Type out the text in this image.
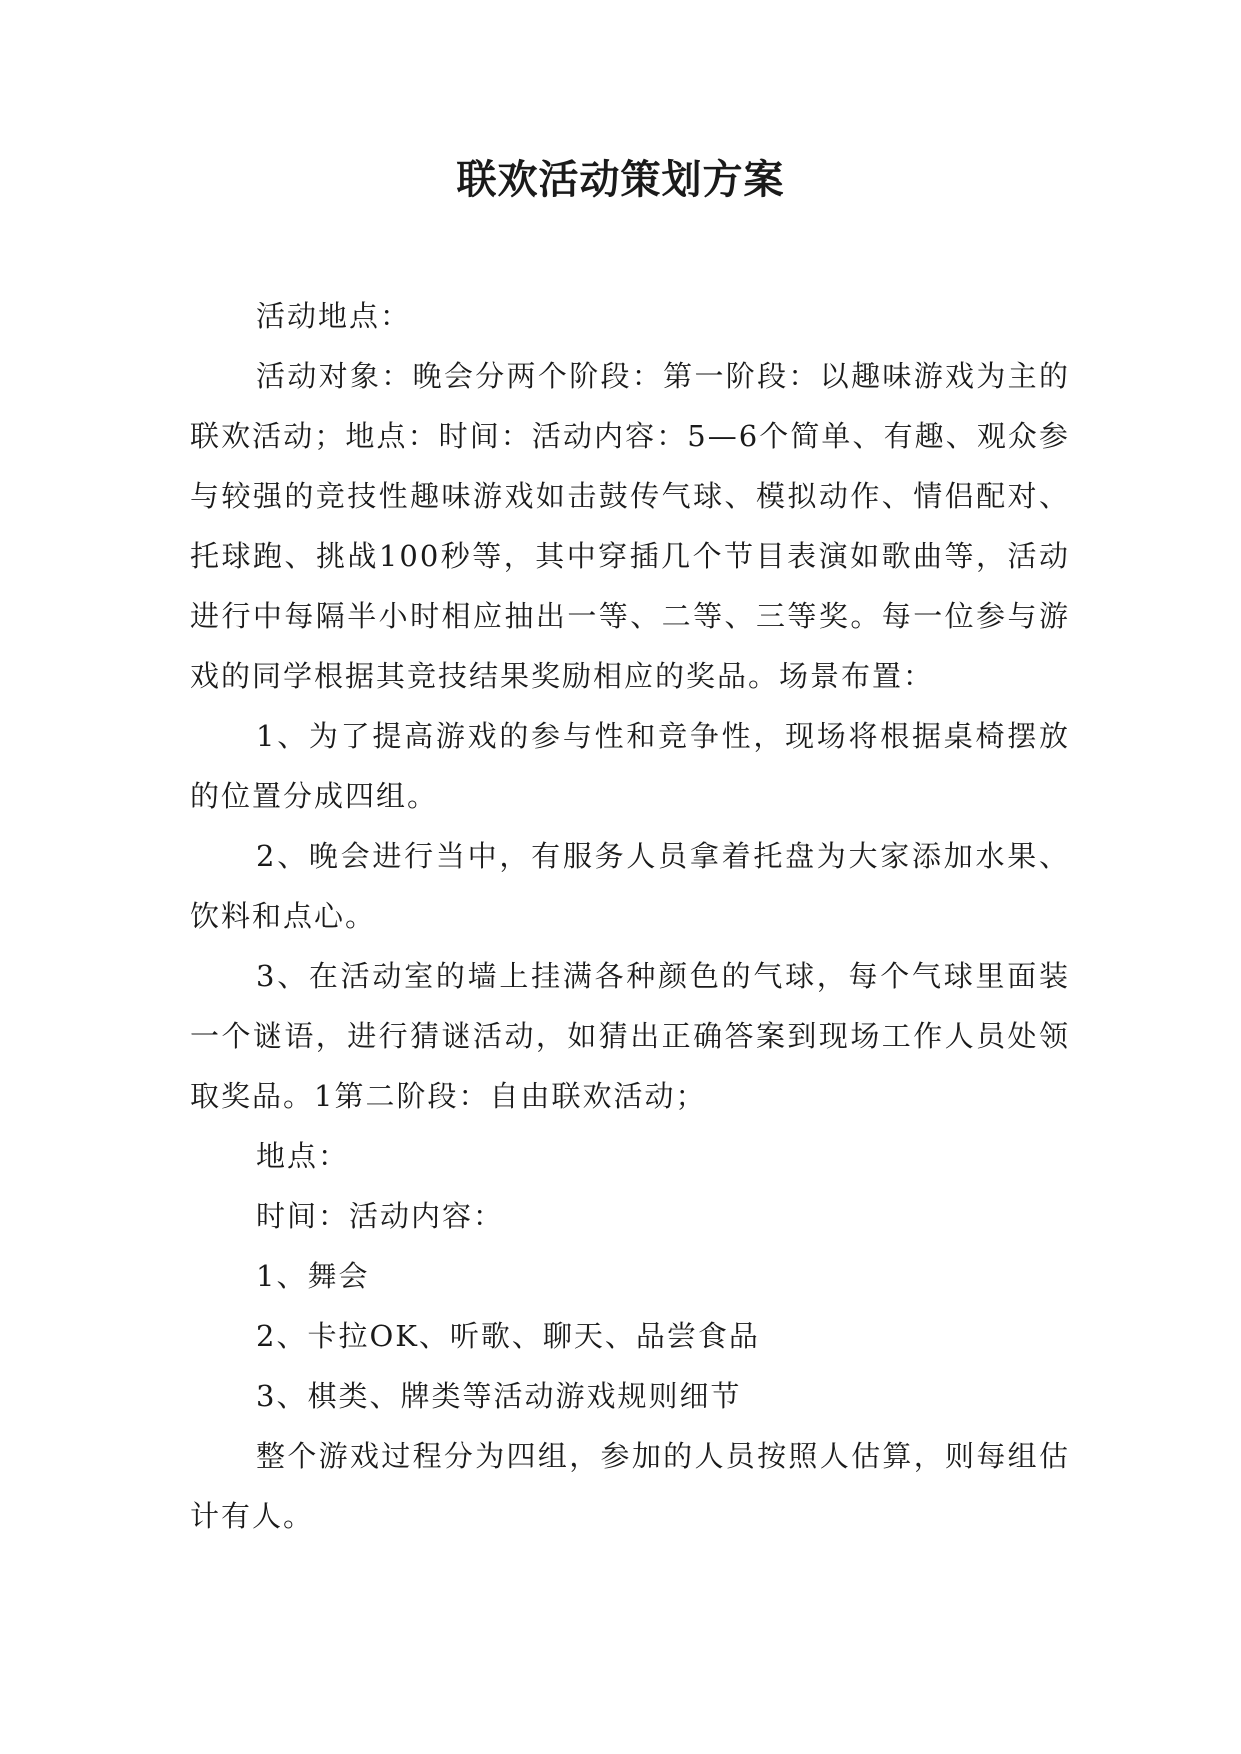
联欢活动策划方案

活动地点：

活动对象：晚会分两个阶段：第一阶段：以趣味游戏为主的联欢活动；地点：时间：活动内容：5—6个简单、有趣、观众参与较强的竞技性趣味游戏如击鼓传气球、模拟动作、情侣配对、托球跑、挑战100秒等，其中穿插几个节目表演如歌曲等，活动进行中每隔半小时相应抽出一等、二等、三等奖。每一位参与游戏的同学根据其竞技结果奖励相应的奖品。场景布置：

1、为了提高游戏的参与性和竞争性，现场将根据桌椅摆放的位置分成四组。

2、晚会进行当中，有服务人员拿着托盘为大家添加水果、饮料和点心。

3、在活动室的墙上挂满各种颜色的气球，每个气球里面装一个谜语，进行猜谜活动，如猜出正确答案到现场工作人员处领取奖品。1第二阶段：自由联欢活动；

地点：

时间：活动内容：

1、舞会

2、卡拉OK、听歌、聊天、品尝食品

3、棋类、牌类等活动游戏规则细节

整个游戏过程分为四组，参加的人员按照人估算，则每组估计有人。
